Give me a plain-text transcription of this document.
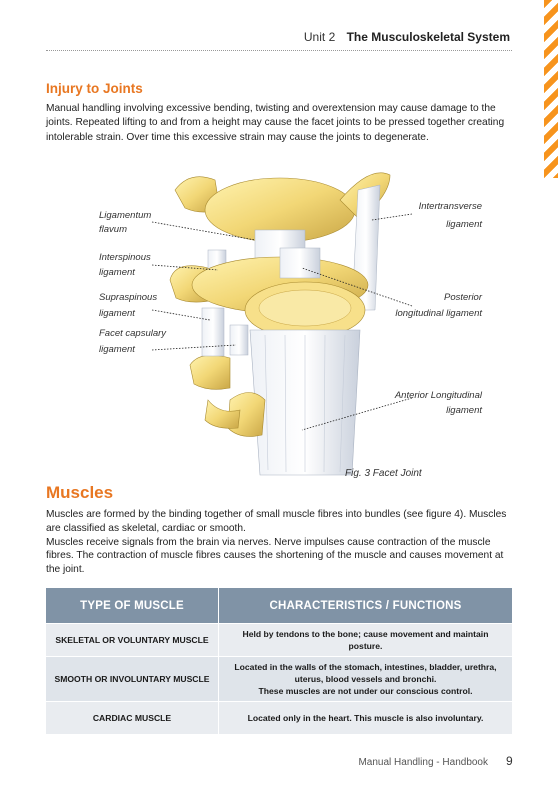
Unit 2 The Musculoskeletal System
Injury to Joints

Manual handling involving excessive bending, twisting and overextension may cause damage to the joints. Repeated lifting to and from a height may cause the facet joints to be pressed together creating intolerable strain. Over time this excessive strain may cause the joints to degenerate.

Ligamentum
flavum
Interspinous
ligament
Supraspinous
ligament
Facet capsulary
ligament
Intertransverse
ligament
Posterior
longitudinal ligament
Anterior Longitudinal
ligament
Fig. 3 Facet Joint
Muscles

Muscles are formed by the binding together of small muscle fibres into bundles (see figure 4). Muscles are classified as skeletal, cardiac or smooth.

Muscles receive signals from the brain via nerves. Nerve impulses cause contraction of the muscle fibres. The contraction of muscle fibres causes the shortening of the muscle and causes movement at the joint.

TYPE OF MUSCLE	CHARACTERISTICS / FUNCTIONS
SKELETAL OR VOLUNTARY MUSCLE	Held by tendons to the bone; cause movement and maintain posture.

SMOOTH OR INVOLUNTARY MUSCLE	Located in the walls of the stomach, intestines, bladder, urethra,
uterus, blood vessels and bronchi.
These muscles are not under our conscious control.

CARDIAC MUSCLE	Located only in the heart. This muscle is also involuntary.
Manual Handling - Handbook 9
